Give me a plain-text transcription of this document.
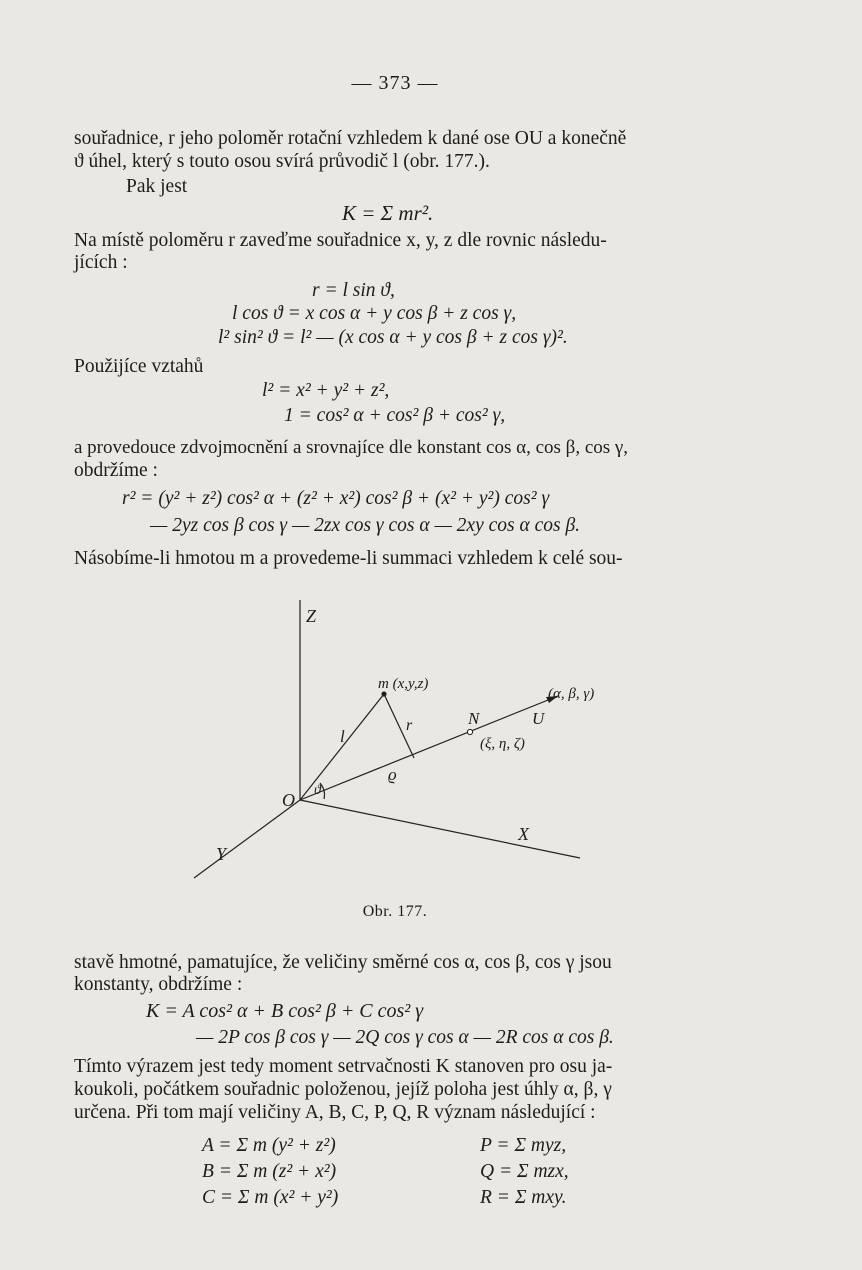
— 373 —
souřadnice, r jeho poloměr rotační vzhledem k dané ose OU a konečně
ϑ úhel, který s touto osou svírá průvodič l (obr. 177.).
Pak jest
K = Σ mr².
Na místě poloměru r zaveďme souřadnice x, y, z dle rovnic následu-
jících :
r = l sin ϑ,
l cos ϑ = x cos α + y cos β + z cos γ,
l² sin² ϑ = l² — (x cos α + y cos β + z cos γ)².
Použijíce vztahů
l² = x² + y² + z²,
1 = cos² α + cos² β + cos² γ,
a provedouce zdvojmocnění a srovnajíce dle konstant cos α, cos β, cos γ,
obdržíme :
r² = (y² + z²) cos² α + (z² + x²) cos² β + (x² + y²) cos² γ
— 2yz cos β cos γ — 2zx cos γ cos α — 2xy cos α cos β.
Násobíme-li hmotou m a provedeme-li summaci vzhledem k celé sou-
Z
m (x,y,z)
(α, β, γ)
N	U
(ξ, η, ζ)
l
r
ϱ
ϑ
O
X
Y
Obr. 177.
stavě hmotné, pamatujíce, že veličiny směrné cos α, cos β, cos γ jsou
konstanty, obdržíme :
K = A cos² α + B cos² β + C cos² γ
— 2P cos β cos γ — 2Q cos γ cos α — 2R cos α cos β.
Tímto výrazem jest tedy moment setrvačnosti K stanoven pro osu ja-
koukoli, počátkem souřadnic položenou, jejíž poloha jest úhly α, β, γ
určena. Při tom mají veličiny A, B, C, P, Q, R význam následující :
A = Σ m (y² + z²)
B = Σ m (z² + x²)
C = Σ m (x² + y²)
P = Σ myz,
Q = Σ mzx,
R = Σ mxy.
